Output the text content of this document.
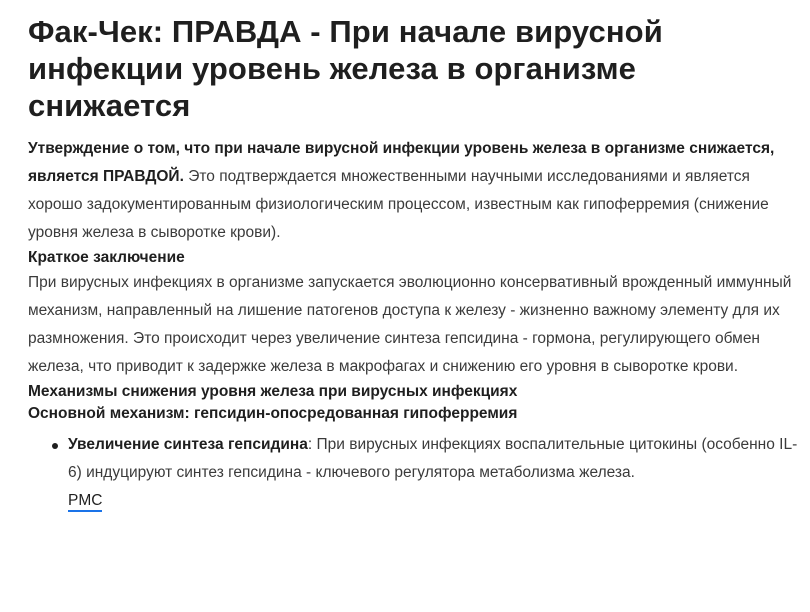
Фак-Чек: ПРАВДА - При начале вирусной инфекции уровень железа в организме снижается

Утверждение о том, что при начале вирусной инфекции уровень железа в организме снижается, является ПРАВДОЙ. Это подтверждается множественными научными исследованиями и является хорошо задокументированным физиологическим процессом, известным как гипоферремия (снижение уровня железа в сыворотке крови).

Краткое заключение

При вирусных инфекциях в организме запускается эволюционно консервативный врожденный иммунный механизм, направленный на лишение патогенов доступа к железу - жизненно важному элементу для их размножения. Это происходит через увеличение синтеза гепсидина - гормона, регулирующего обмен железа, что приводит к задержке железа в макрофагах и снижению его уровня в сыворотке крови.

Механизмы снижения уровня железа при вирусных инфекциях
Основной механизм: гепсидин-опосредованная гипоферремия
Увеличение синтеза гепсидина: При вирусных инфекциях воспалительные цитокины (особенно IL-6) индуцируют синтез гепсидина - ключевого регулятора метаболизма железа.
PMC
